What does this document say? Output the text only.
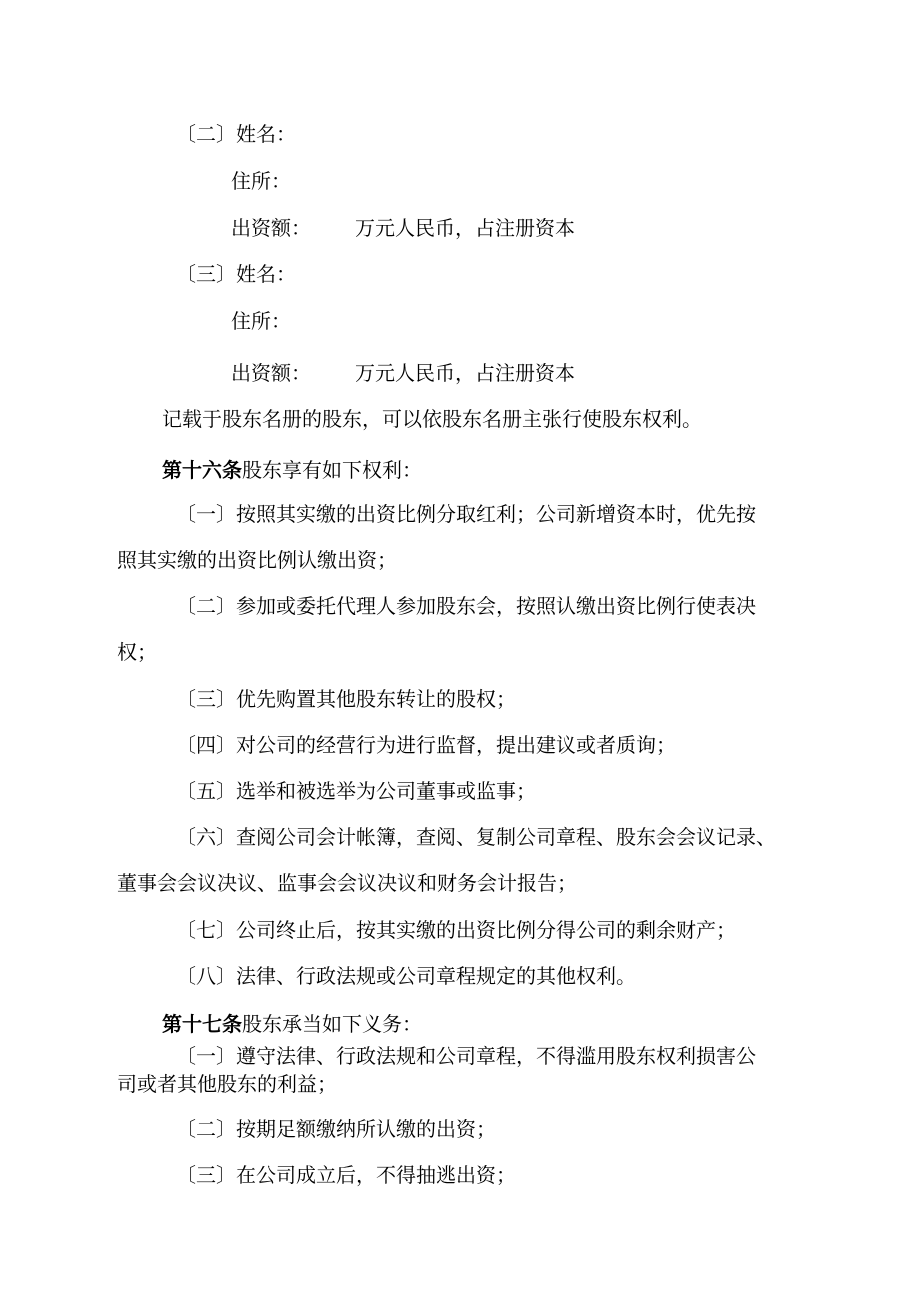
〔二〕姓名：

住所：

出资额： 万元人民币，占注册资本

〔三〕姓名：

住所：

出资额： 万元人民币，占注册资本

记载于股东名册的股东，可以依股东名册主张行使股东权利。

第十六条股东享有如下权利：

〔一〕按照其实缴的出资比例分取红利；公司新增资本时，优先按

照其实缴的出资比例认缴出资；

〔二〕参加或委托代理人参加股东会，按照认缴出资比例行使表决

权；

〔三〕优先购置其他股东转让的股权；

〔四〕对公司的经营行为进行监督，提出建议或者质询；

〔五〕选举和被选举为公司董事或监事；

〔六〕查阅公司会计帐簿，查阅、复制公司章程、股东会会议记录、

董事会会议决议、监事会会议决议和财务会计报告；

〔七〕公司终止后，按其实缴的出资比例分得公司的剩余财产；

〔八〕法律、行政法规或公司章程规定的其他权利。

第十七条股东承当如下义务：

〔一〕遵守法律、行政法规和公司章程，不得滥用股东权利损害公

司或者其他股东的利益；

〔二〕按期足额缴纳所认缴的出资；

〔三〕在公司成立后，不得抽逃出资；
